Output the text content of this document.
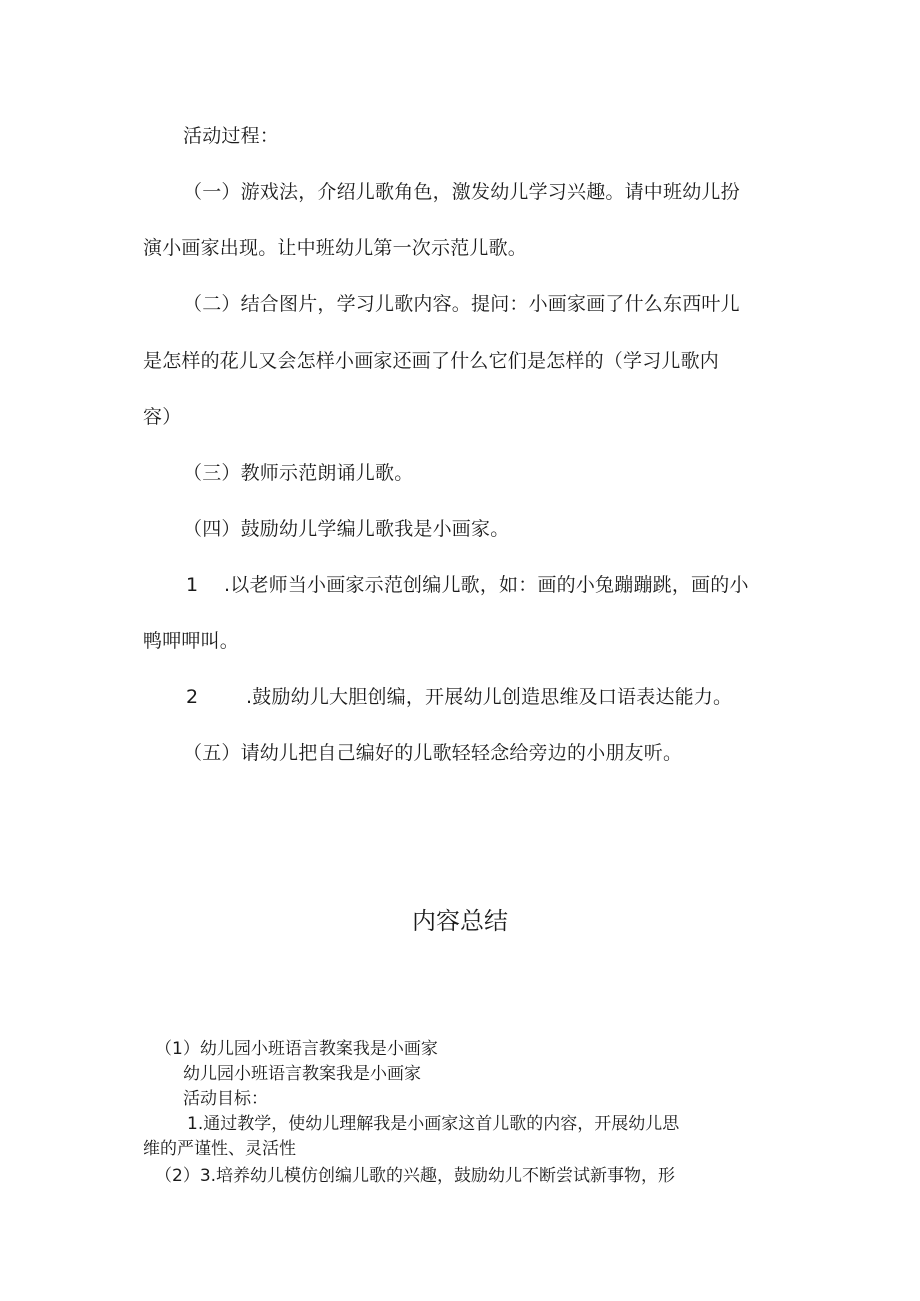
活动过程：
（一）游戏法，介绍儿歌角色，激发幼儿学习兴趣。请中班幼儿扮
演小画家出现。让中班幼儿第一次示范儿歌。
（二）结合图片，学习儿歌内容。提问：小画家画了什么东西叶儿
是怎样的花儿又会怎样小画家还画了什么它们是怎样的（学习儿歌内
容）
（三）教师示范朗诵儿歌。
（四）鼓励幼儿学编儿歌我是小画家。
1 .以老师当小画家示范创编儿歌，如：画的小兔蹦蹦跳，画的小
鸭呷呷叫。
2	.鼓励幼儿大胆创编，开展幼儿创造思维及口语表达能力。
（五）请幼儿把自己编好的儿歌轻轻念给旁边的小朋友听。
内容总结
（1）幼儿园小班语言教案我是小画家
幼儿园小班语言教案我是小画家
活动目标：
1.通过教学，使幼儿理解我是小画家这首儿歌的内容，开展幼儿思
维的严谨性、灵活性
（2）3.培养幼儿模仿创编儿歌的兴趣，鼓励幼儿不断尝试新事物，形
